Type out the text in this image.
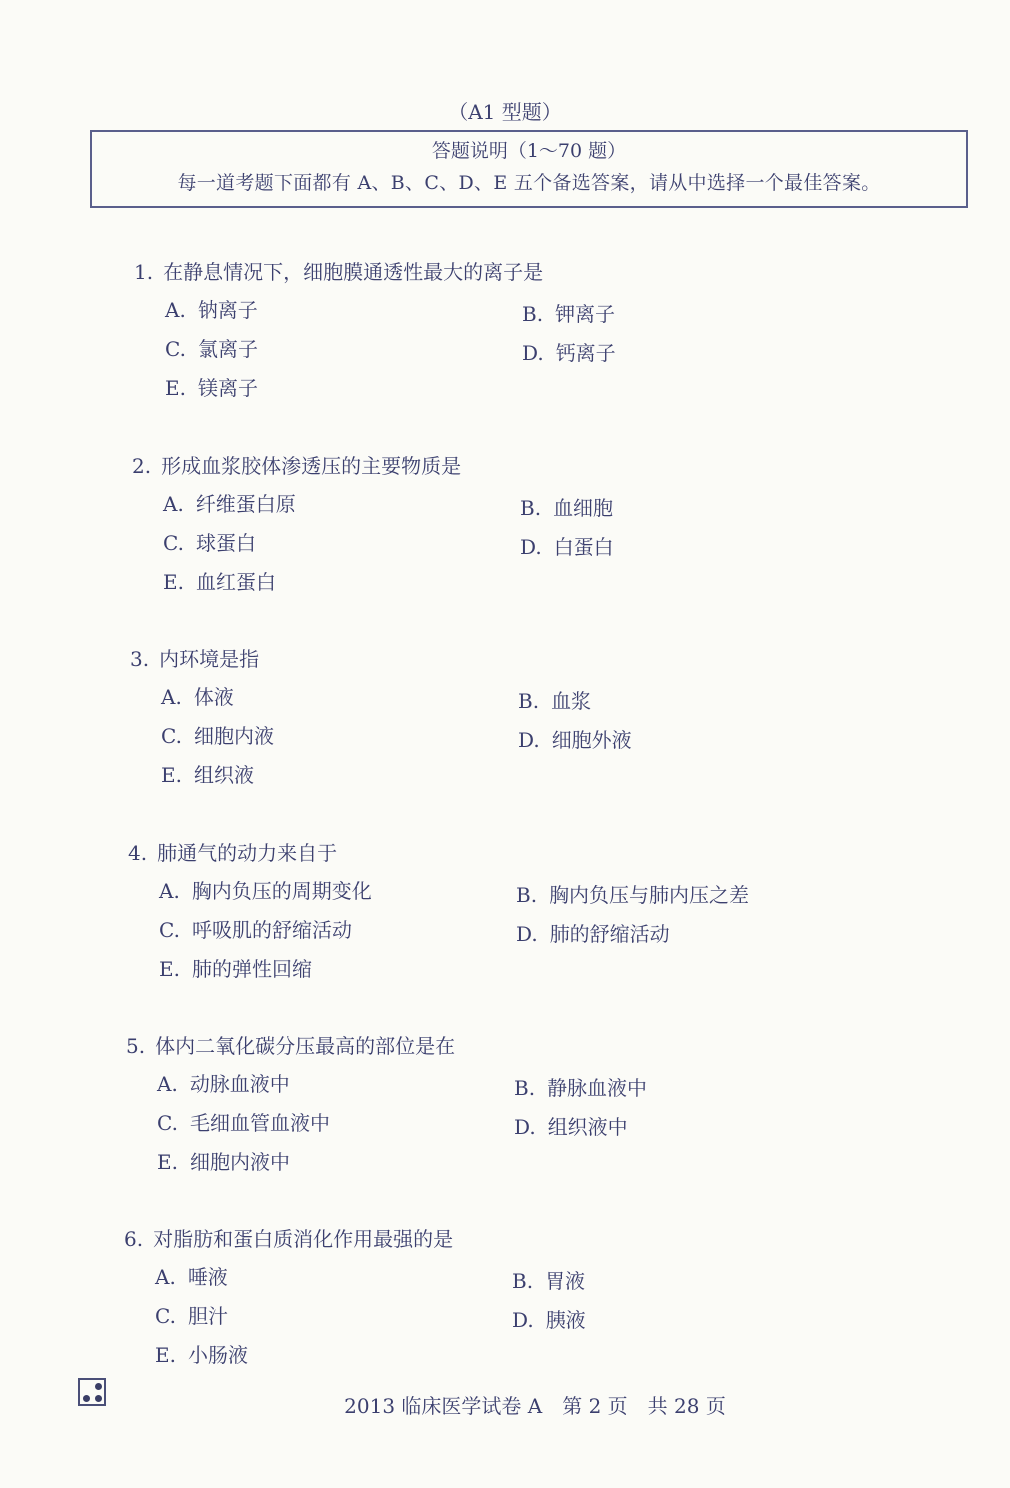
（A1 型题）
答题说明（1～70 题）
每一道考题下面都有 A、B、C、D、E 五个备选答案，请从中选择一个最佳答案。
1. 在静息情况下，细胞膜通透性最大的离子是
A. 钠离子	B. 钾离子
C. 氯离子	D. 钙离子
E. 镁离子
2. 形成血浆胶体渗透压的主要物质是
A. 纤维蛋白原	B. 血细胞
C. 球蛋白	D. 白蛋白
E. 血红蛋白
3. 内环境是指
A. 体液	B. 血浆
C. 细胞内液	D. 细胞外液
E. 组织液
4. 肺通气的动力来自于
A. 胸内负压的周期变化	B. 胸内负压与肺内压之差
C. 呼吸肌的舒缩活动	D. 肺的舒缩活动
E. 肺的弹性回缩
5. 体内二氧化碳分压最高的部位是在
A. 动脉血液中	B. 静脉血液中
C. 毛细血管血液中	D. 组织液中
E. 细胞内液中
6. 对脂肪和蛋白质消化作用最强的是
A. 唾液	B. 胃液
C. 胆汁	D. 胰液
E. 小肠液
2013 临床医学试卷 A　第 2 页　共 28 页
